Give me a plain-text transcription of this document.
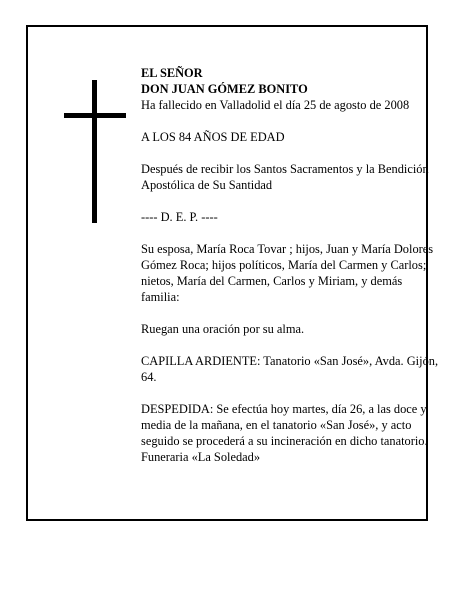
EL SEÑOR

DON JUAN GÓMEZ BONITO

Ha fallecido en Valladolid el día 25 de agosto de 2008

A LOS 84 AÑOS DE EDAD

Después de recibir los Santos Sacramentos y la Bendición Apostólica de Su Santidad

---- D. E. P. ----

Su esposa, María Roca Tovar ; hijos, Juan y María Dolores Gómez Roca; hijos políticos, María del Carmen y Carlos; nietos, María del Carmen, Carlos y Miriam, y demás familia:

Ruegan una oración por su alma.

CAPILLA ARDIENTE: Tanatorio «San José», Avda. Gijón, 64.

DESPEDIDA: Se efectúa hoy martes, día 26, a las doce y media de la mañana, en el tanatorio «San José», y acto seguido se procederá a su incineración en dicho tanatorio.

Funeraria «La Soledad»
